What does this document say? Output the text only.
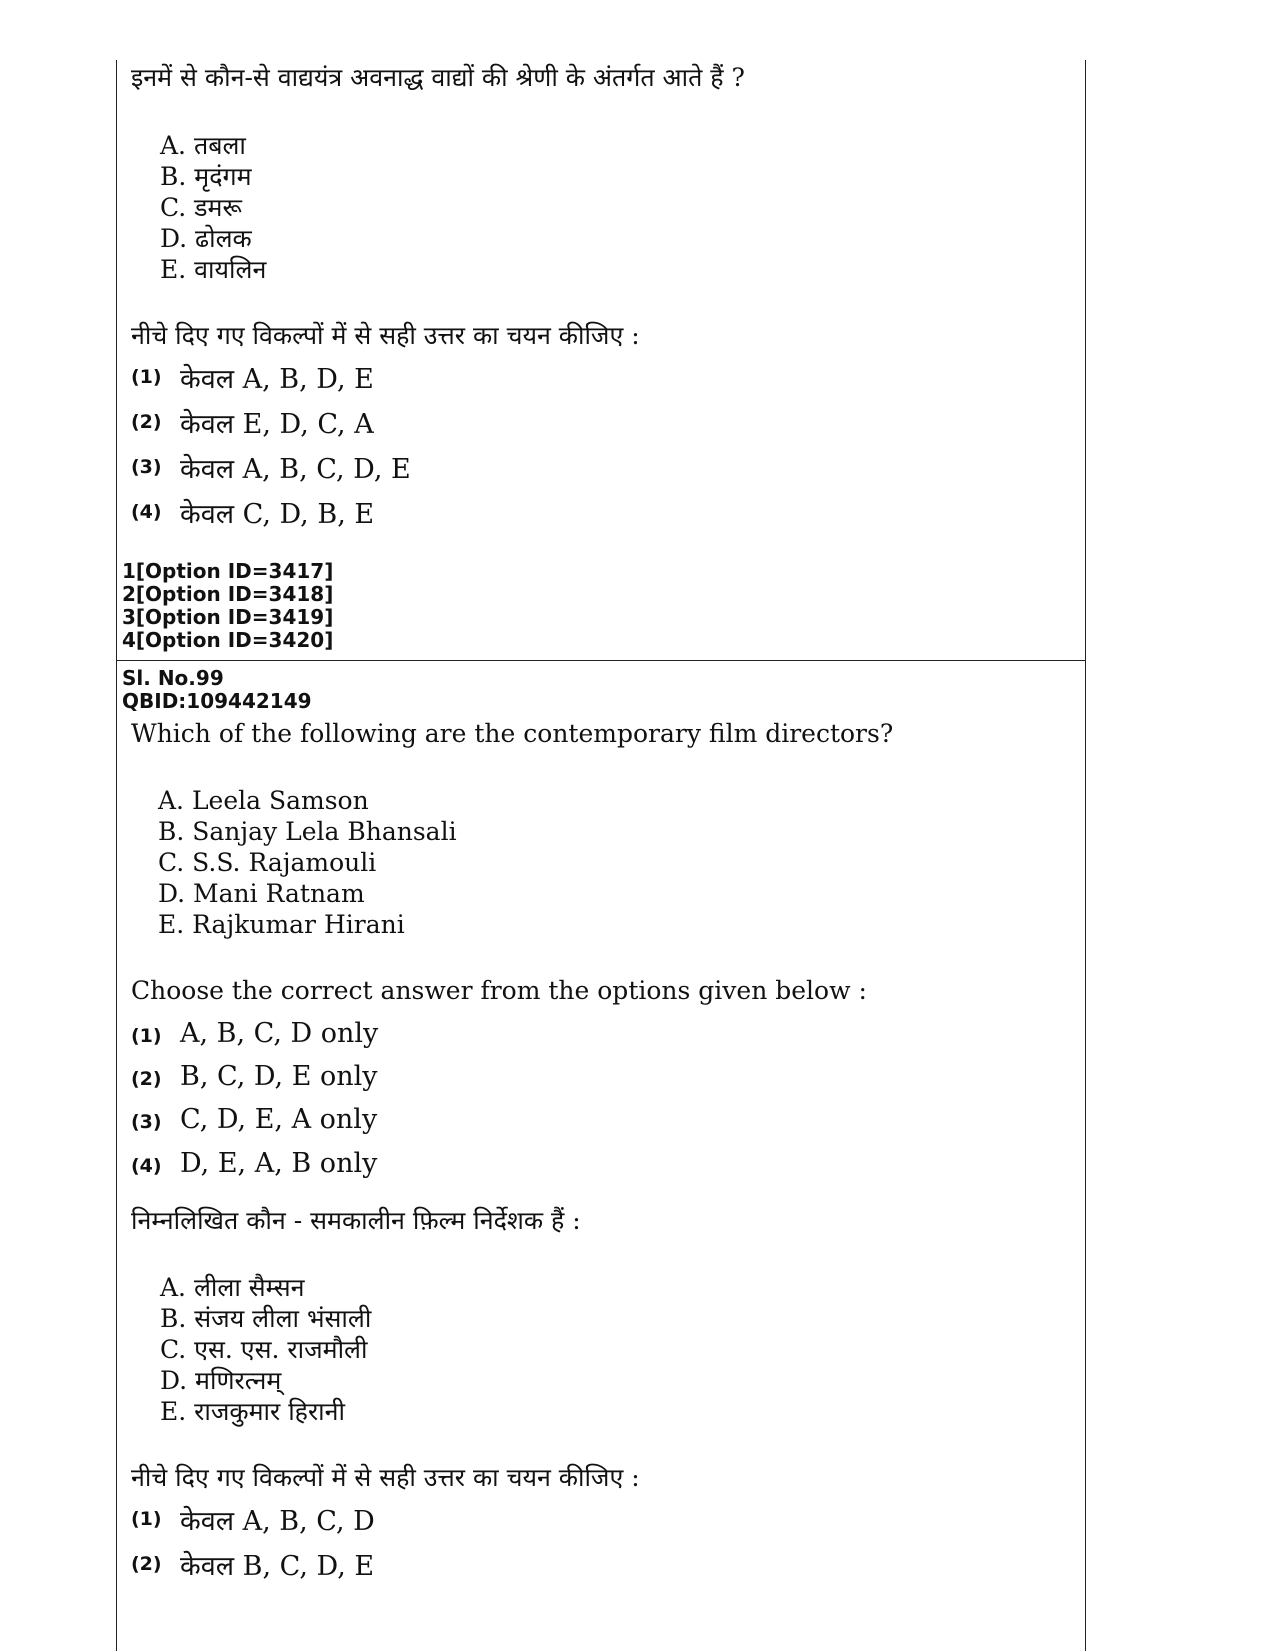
इनमें से कौन-से वाद्ययंत्र अवनाद्ध वाद्यों की श्रेणी के अंतर्गत आते हैं ?
A. तबला
B. मृदंगम
C. डमरू
D. ढोलक
E. वायलिन
नीचे दिए गए विकल्पों में से सही उत्तर का चयन कीजिए :
(1) केवल A, B, D, E
(2) केवल E, D, C, A
(3) केवल A, B, C, D, E
(4) केवल C, D, B, E
1[Option ID=3417]
2[Option ID=3418]
3[Option ID=3419]
4[Option ID=3420]
Sl. No.99
QBID:109442149
Which of the following are the contemporary film directors?
A. Leela Samson
B. Sanjay Lela Bhansali
C. S.S. Rajamouli
D. Mani Ratnam
E. Rajkumar Hirani
Choose the correct answer from the options given below :
(1) A, B, C, D only
(2) B, C, D, E only
(3) C, D, E, A only
(4) D, E, A, B only
निम्नलिखित कौन - समकालीन फ़िल्म निर्देशक हैं :
A. लीला सैम्सन
B. संजय लीला भंसाली
C. एस. एस. राजमौली
D. मणिरत्नम्
E. राजकुमार हिरानी
नीचे दिए गए विकल्पों में से सही उत्तर का चयन कीजिए :
(1) केवल A, B, C, D
(2) केवल B, C, D, E
